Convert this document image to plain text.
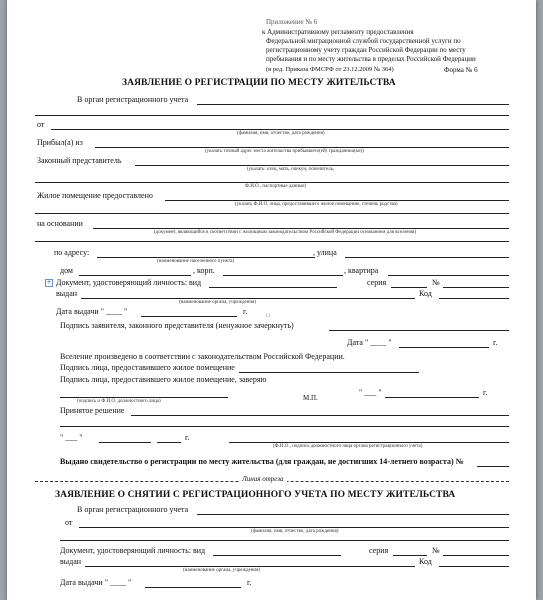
Приложение № 6
к Административному регламенту предоставления
Федеральной миграционной службой государственной услуги по
регистрационному учету граждан Российской Федерации по месту
пребывания и по месту жительства в пределах Российской Федерации
(в ред. Приказа ФМСРФ от 23.12.2009 № 364)	Форма № 6
ЗАЯВЛЕНИЕ О РЕГИСТРАЦИИ ПО МЕСТУ ЖИТЕЛЬСТВА
В орган регистрационного учета
от
(фамилия, имя, отчество, дата рождения)
Прибыл(а) из
(указать точный адрес места жительства прибывшего(ей) гражданина(ки))
Законный представитель
(указать: отец, мать, опекун, попечитель,
Ф.И.О., паспортные данные)
Жилое помещение предоставлено
(указать Ф.И.О. лица, предоставившего жилое помещение, степень родства)
на основании
(документ, являющийся в соответствии с жилищным законодательством Российской Федерации основанием для вселения)
по адресу:	, улица
(наименование населенного пункта)
дом	, корп.	, квартира
+ Документ, удостоверяющий личность: вид	серия	№
выдан	Код
(наименование органа, учреждения)
Дата выдачи " ____ "	г.
13
Подпись заявителя, законного представителя (ненужное зачеркнуть)
Дата " ____ "	г.
Вселение произведено в соответствии с законодательством Российской Федерации.
Подпись лица, предоставившего жилое помещение
Подпись лица, предоставившего жилое помещение, заверяю
(подпись и Ф.И.О. должностного лица)	М.П.
" ___ "	г.
Принятое решение
" ___ "	г.
(Ф.И.О., подпись должностного лица органа регистрационного учета)
Выдано свидетельство о регистрации по месту жительства (для граждан, не достигших 14-летнего возраста) №
Линия отреза
ЗАЯВЛЕНИЕ О СНЯТИИ С РЕГИСТРАЦИОННОГО УЧЕТА ПО МЕСТУ ЖИТЕЛЬСТВА
В орган регистрационного учета
от
(фамилия, имя, отчество, дата рождения)
Документ, удостоверяющий личность: вид	серия	№
выдан	Код
(наименование органа, учреждения)
Дата выдачи " ____ "	г.
